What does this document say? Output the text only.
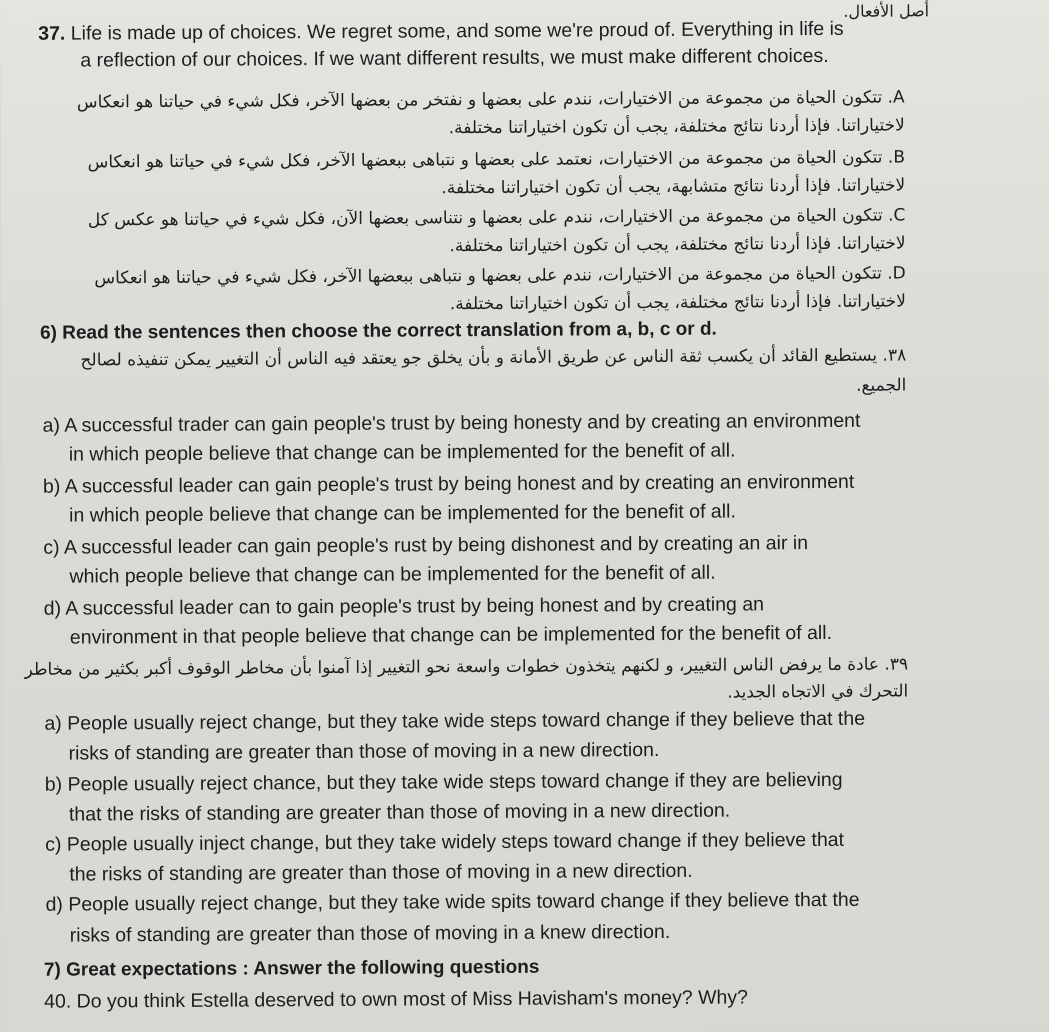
أصل الأفعال.
37. Life is made up of choices. We regret some, and some we're proud of. Everything in life is
a reflection of our choices. If we want different results, we must make different choices.
A. تتكون الحياة من مجموعة من الاختيارات، نندم على بعضها و نفتخر من بعضها الآخر، فكل شيء في حياتنا هو انعكاس
لاختياراتنا. فإذا أردنا نتائج مختلفة، يجب أن تكون اختياراتنا مختلفة.
B. تتكون الحياة من مجموعة من الاختيارات، نعتمد على بعضها و نتباهى ببعضها الآخر، فكل شيء في حياتنا هو انعكاس
لاختياراتنا. فإذا أردنا نتائج متشابهة، يجب أن تكون اختياراتنا مختلفة.
C. تتكون الحياة من مجموعة من الاختيارات، نندم على بعضها و نتناسى بعضها الآن، فكل شيء في حياتنا هو عكس كل
لاختياراتنا. فإذا أردنا نتائج مختلفة، يجب أن تكون اختياراتنا مختلفة.
D. تتكون الحياة من مجموعة من الاختيارات، نندم على بعضها و نتباهى ببعضها الآخر، فكل شيء في حياتنا هو انعكاس
لاختياراتنا. فإذا أردنا نتائج مختلفة، يجب أن تكون اختياراتنا مختلفة.
6) Read the sentences then choose the correct translation from a, b, c or d.
٣٨. يستطيع القائد أن يكسب ثقة الناس عن طريق الأمانة و بأن يخلق جو يعتقد فيه الناس أن التغيير يمكن تنفيذه لصالح
الجميع.
a) A successful trader can gain people's trust by being honesty and by creating an environment
in which people believe that change can be implemented for the benefit of all.
b) A successful leader can gain people's trust by being honest and by creating an environment
in which people believe that change can be implemented for the benefit of all.
c) A successful leader can gain people's rust by being dishonest and by creating an air in
which people believe that change can be implemented for the benefit of all.
d) A successful leader can to gain people's trust by being honest and by creating an
environment in that people believe that change can be implemented for the benefit of all.
٣٩. عادة ما يرفض الناس التغيير، و لكنهم يتخذون خطوات واسعة نحو التغيير إذا آمنوا بأن مخاطر الوقوف أكبر بكثير من مخاطر
التحرك في الاتجاه الجديد.
a) People usually reject change, but they take wide steps toward change if they believe that the
risks of standing are greater than those of moving in a new direction.
b) People usually reject chance, but they take wide steps toward change if they are believing
that the risks of standing are greater than those of moving in a new direction.
c) People usually inject change, but they take widely steps toward change if they believe that
the risks of standing are greater than those of moving in a new direction.
d) People usually reject change, but they take wide spits toward change if they believe that the
risks of standing are greater than those of moving in a knew direction.
7) Great expectations : Answer the following questions
40. Do you think Estella deserved to own most of Miss Havisham's money? Why?
